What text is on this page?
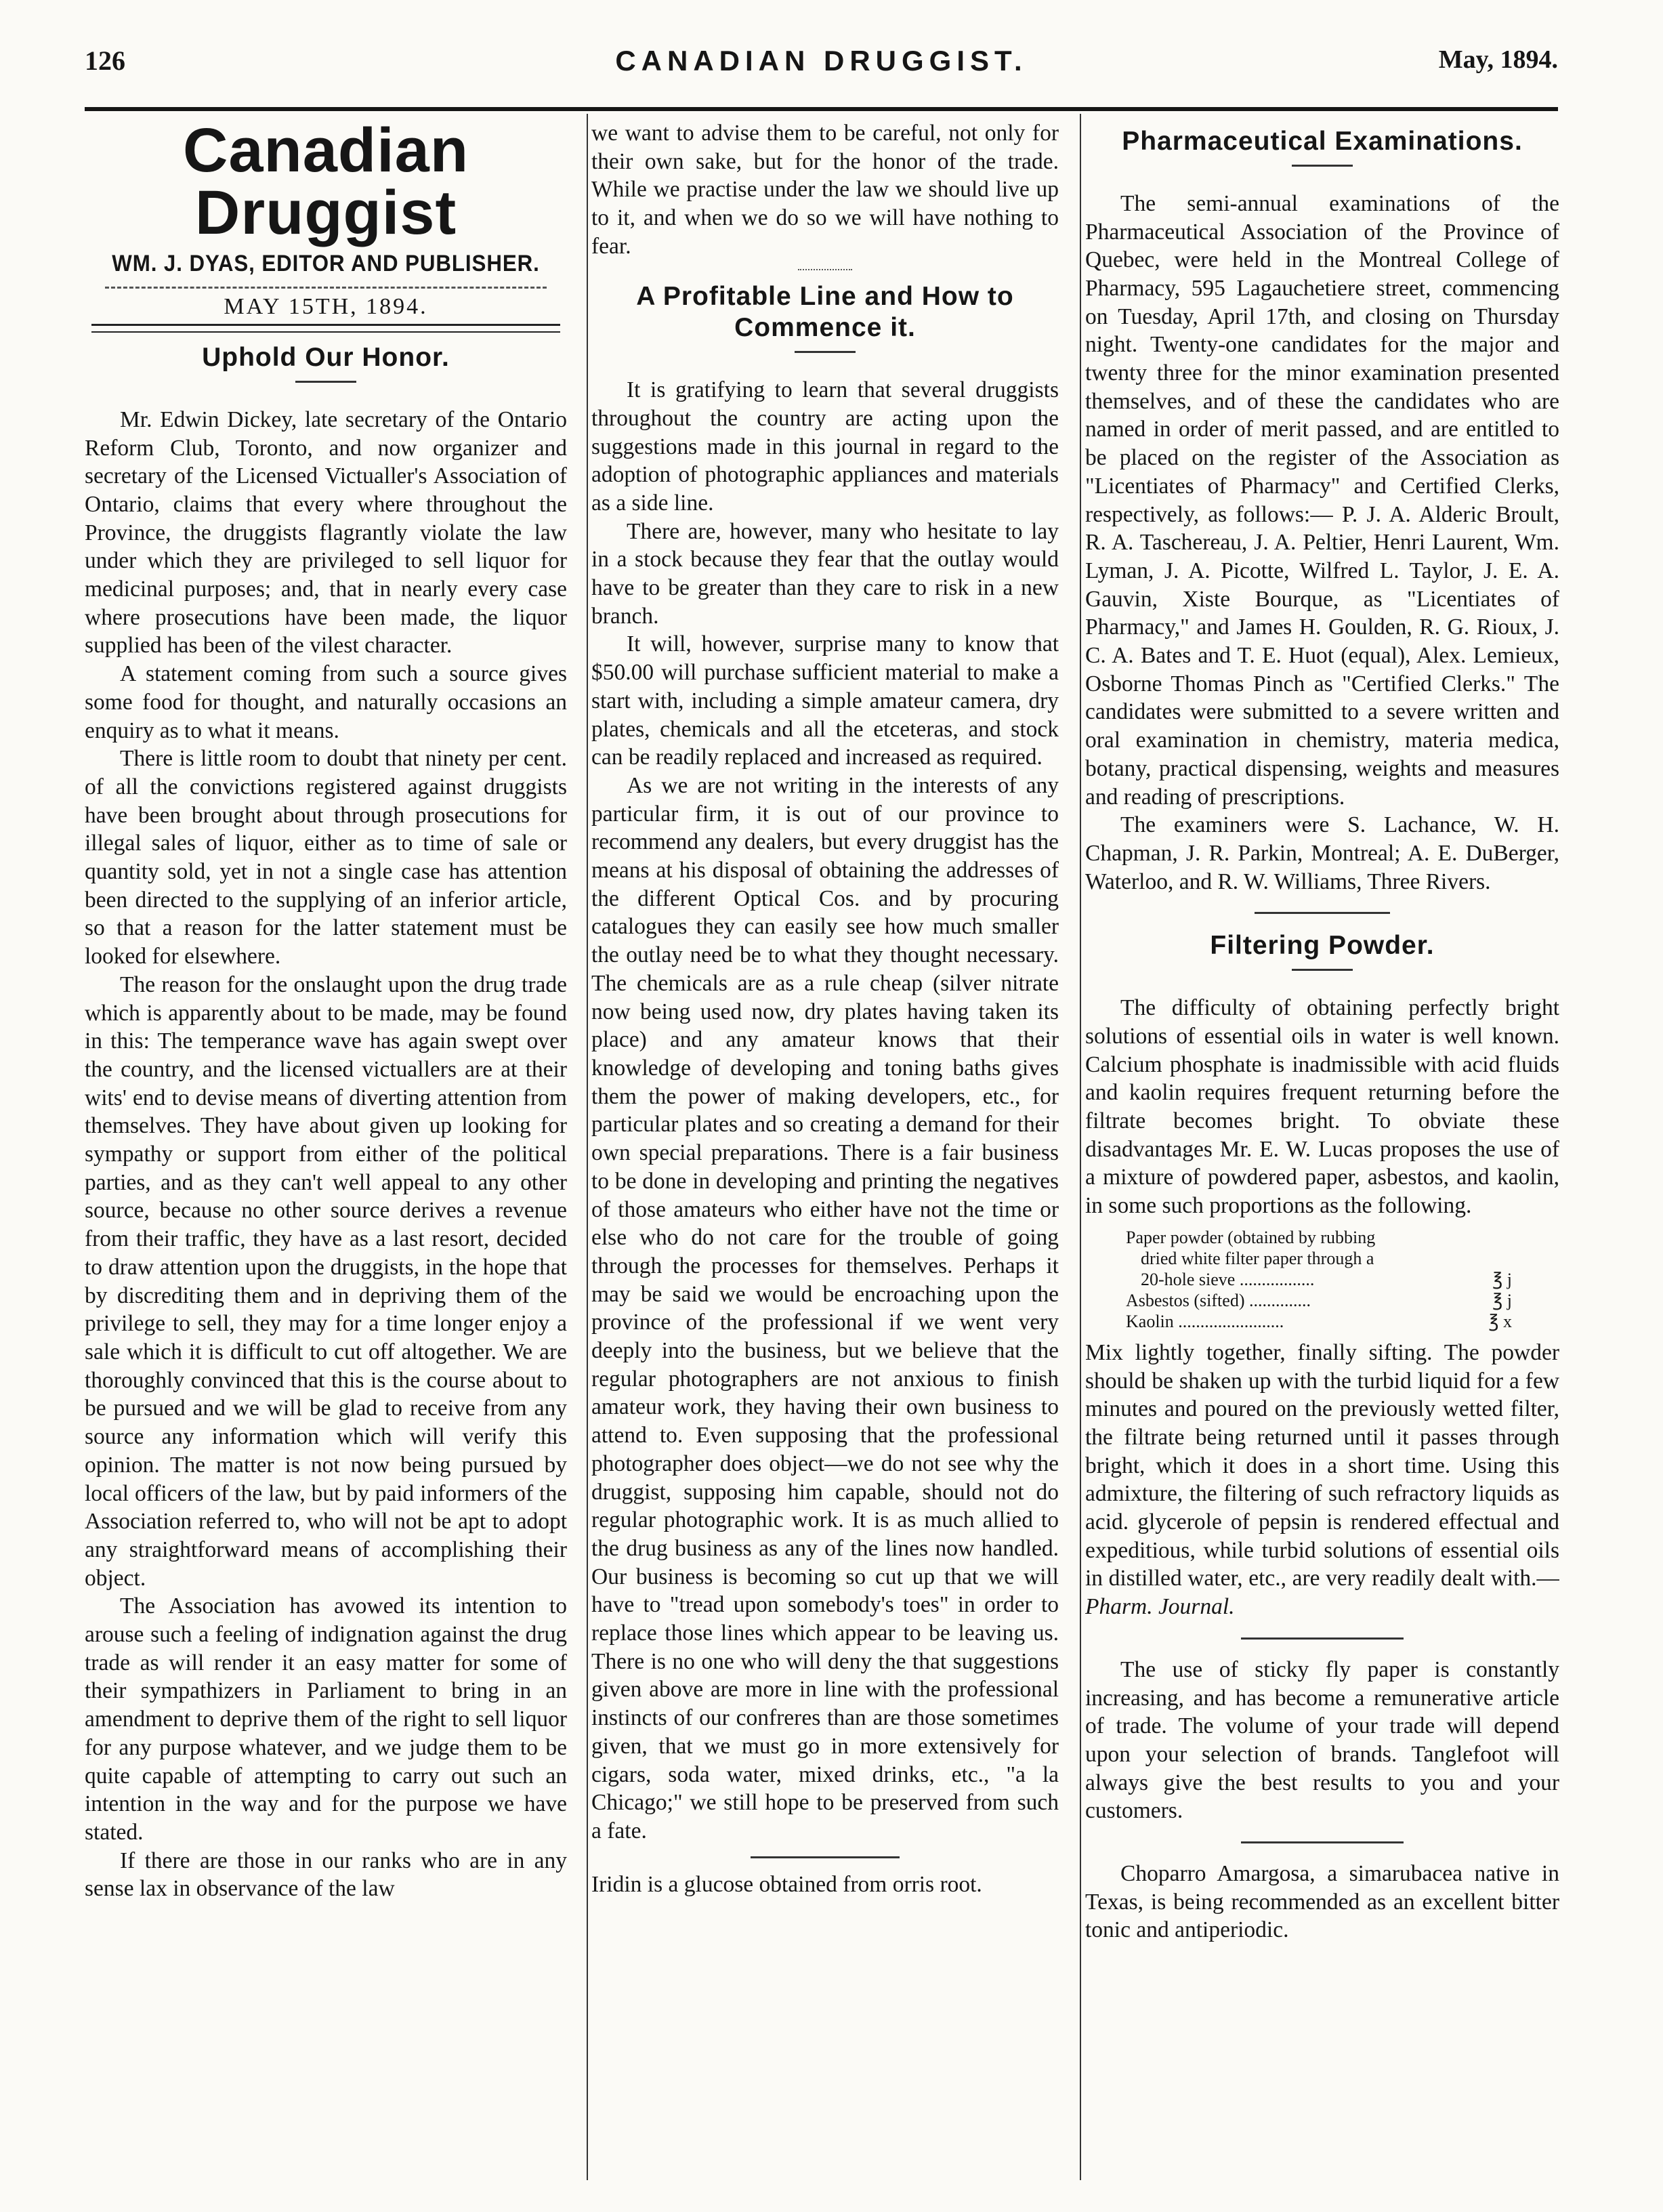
126	CANADIAN DRUGGIST.	May, 1894.
Canadian Druggist
WM. J. DYAS, EDITOR AND PUBLISHER.
MAY 15TH, 1894.
Uphold Our Honor.

Mr. Edwin Dickey, late secretary of the Ontario Reform Club, Toronto, and now organizer and secretary of the Licensed Victualler's Association of Ontario, claims that every where throughout the Province, the druggists flagrantly violate the law under which they are privileged to sell liquor for medicinal purposes; and, that in nearly every case where prosecutions have been made, the liquor supplied has been of the vilest character.

A statement coming from such a source gives some food for thought, and naturally occasions an enquiry as to what it means.

There is little room to doubt that ninety per cent. of all the convictions registered against druggists have been brought about through prosecutions for illegal sales of liquor, either as to time of sale or quantity sold, yet in not a single case has attention been directed to the supplying of an inferior article, so that a reason for the latter statement must be looked for elsewhere.

The reason for the onslaught upon the drug trade which is apparently about to be made, may be found in this: The temperance wave has again swept over the country, and the licensed victuallers are at their wits' end to devise means of diverting attention from themselves. They have about given up looking for sympathy or support from either of the political parties, and as they can't well appeal to any other source, because no other source derives a revenue from their traffic, they have as a last resort, decided to draw attention upon the druggists, in the hope that by discrediting them and in depriving them of the privilege to sell, they may for a time longer enjoy a sale which it is difficult to cut off altogether. We are thoroughly convinced that this is the course about to be pursued and we will be glad to receive from any source any information which will verify this opinion. The matter is not now being pursued by local officers of the law, but by paid informers of the Association referred to, who will not be apt to adopt any straightforward means of accomplishing their object.

The Association has avowed its intention to arouse such a feeling of indignation against the drug trade as will render it an easy matter for some of their sympathizers in Parliament to bring in an amendment to deprive them of the right to sell liquor for any purpose whatever, and we judge them to be quite capable of attempting to carry out such an intention in the way and for the purpose we have stated.

If there are those in our ranks who are in any sense lax in observance of the law

we want to advise them to be careful, not only for their own sake, but for the honor of the trade. While we practise under the law we should live up to it, and when we do so we will have nothing to fear.

A Profitable Line and How to Commence it.

It is gratifying to learn that several druggists throughout the country are acting upon the suggestions made in this journal in regard to the adoption of photographic appliances and materials as a side line.

There are, however, many who hesitate to lay in a stock because they fear that the outlay would have to be greater than they care to risk in a new branch.

It will, however, surprise many to know that $50.00 will purchase sufficient material to make a start with, including a simple amateur camera, dry plates, chemicals and all the etceteras, and stock can be readily replaced and increased as required.

As we are not writing in the interests of any particular firm, it is out of our province to recommend any dealers, but every druggist has the means at his disposal of obtaining the addresses of the different Optical Cos. and by procuring catalogues they can easily see how much smaller the outlay need be to what they thought necessary. The chemicals are as a rule cheap (silver nitrate now being used now, dry plates having taken its place) and any amateur knows that their knowledge of developing and toning baths gives them the power of making developers, etc., for particular plates and so creating a demand for their own special preparations. There is a fair business to be done in developing and printing the negatives of those amateurs who either have not the time or else who do not care for the trouble of going through the processes for themselves. Perhaps it may be said we would be encroaching upon the province of the professional if we went very deeply into the business, but we believe that the regular photographers are not anxious to finish amateur work, they having their own business to attend to. Even supposing that the professional photographer does object—we do not see why the druggist, supposing him capable, should not do regular photographic work. It is as much allied to the drug business as any of the lines now handled. Our business is becoming so cut up that we will have to "tread upon somebody's toes" in order to replace those lines which appear to be leaving us. There is no one who will deny the that suggestions given above are more in line with the professional instincts of our confreres than are those sometimes given, that we must go in more extensively for cigars, soda water, mixed drinks, etc., "a la Chicago;" we still hope to be preserved from such a fate.

Iridin is a glucose obtained from orris root.

Pharmaceutical Examinations.

The semi-annual examinations of the Pharmaceutical Association of the Province of Quebec, were held in the Montreal College of Pharmacy, 595 Lagauchetiere street, commencing on Tuesday, April 17th, and closing on Thursday night. Twenty-one candidates for the major and twenty three for the minor examination presented themselves, and of these the candidates who are named in order of merit passed, and are entitled to be placed on the register of the Association as "Licentiates of Pharmacy" and Certified Clerks, respectively, as follows:— P. J. A. Alderic Broult, R. A. Taschereau, J. A. Peltier, Henri Laurent, Wm. Lyman, J. A. Picotte, Wilfred L. Taylor, J. E. A. Gauvin, Xiste Bourque, as "Licentiates of Pharmacy," and James H. Goulden, R. G. Rioux, J. C. A. Bates and T. E. Huot (equal), Alex. Lemieux, Osborne Thomas Pinch as "Certified Clerks." The candidates were submitted to a severe written and oral examination in chemistry, materia medica, botany, practical dispensing, weights and measures and reading of prescriptions.

The examiners were S. Lachance, W. H. Chapman, J. R. Parkin, Montreal; A. E. DuBerger, Waterloo, and R. W. Williams, Three Rivers.

Filtering Powder.

The difficulty of obtaining perfectly bright solutions of essential oils in water is well known. Calcium phosphate is inadmissible with acid fluids and kaolin requires frequent returning before the filtrate becomes bright. To obviate these disadvantages Mr. E. W. Lucas proposes the use of a mixture of powdered paper, asbestos, and kaolin, in some such proportions as the following.

Paper powder (obtained by rubbing
dried white filter paper through a
20-hole sieve .................	℥ j
Asbestos (sifted) ..............	℥ j
Kaolin ........................	℥ x

Mix lightly together, finally sifting. The powder should be shaken up with the turbid liquid for a few minutes and poured on the previously wetted filter, the filtrate being returned until it passes through bright, which it does in a short time. Using this admixture, the filtering of such refractory liquids as acid. glycerole of pepsin is rendered effectual and expeditious, while turbid solutions of essential oils in distilled water, etc., are very readily dealt with.—Pharm. Journal.

The use of sticky fly paper is constantly increasing, and has become a remunerative article of trade. The volume of your trade will depend upon your selection of brands. Tanglefoot will always give the best results to you and your customers.

Choparro Amargosa, a simarubacea native in Texas, is being recommended as an excellent bitter tonic and antiperiodic.
